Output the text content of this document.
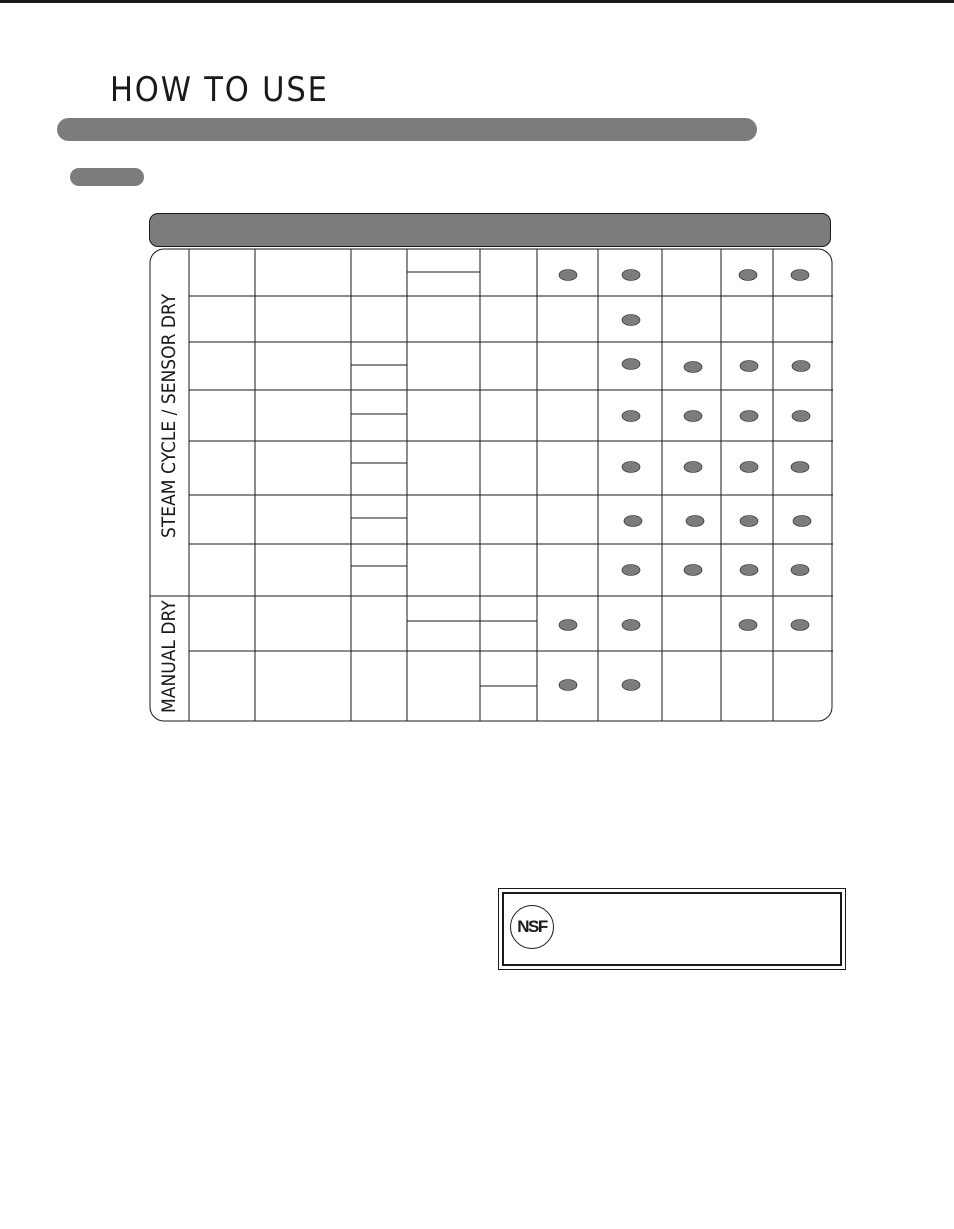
HOW TO USE
STEAM CYCLE / SENSOR DRY
MANUAL DRY
NSF
